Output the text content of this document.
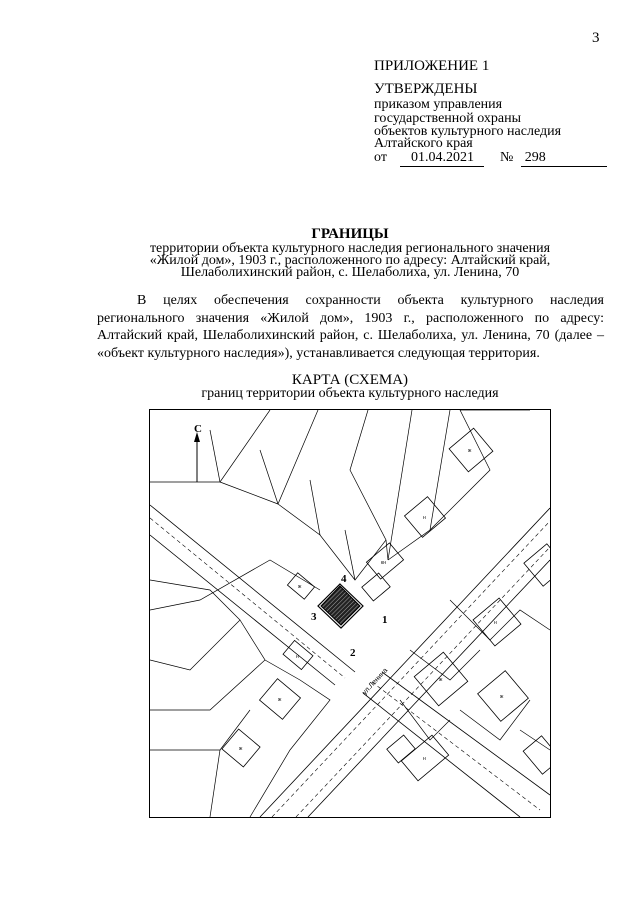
3
ПРИЛОЖЕНИЕ 1
УТВЕРЖДЕНЫ
приказом управления
государственной охраны
объектов культурного наследия
Алтайского края
от 01.04.2021 № 298
ГРАНИЦЫ
территории объекта культурного наследия регионального значения
«Жилой дом», 1903 г., расположенного по адресу: Алтайский край,
Шелаболихинский район, с. Шелаболиха, ул. Ленина, 70
В целях обеспечения сохранности объекта культурного наследия регионального значения «Жилой дом», 1903 г., расположенного по адресу: Алтайский край, Шелаболихинский район, с. Шелаболиха, ул. Ленина, 70 (далее – «объект культурного наследия»), устанавливается следующая территория.
КАРТА (СХЕМА)
границ территории объекта культурного наследия
С
1
2
3
4
ул.Ленина
ж
н
кн
ж
н
ж
н
ж
ж
н
ж
